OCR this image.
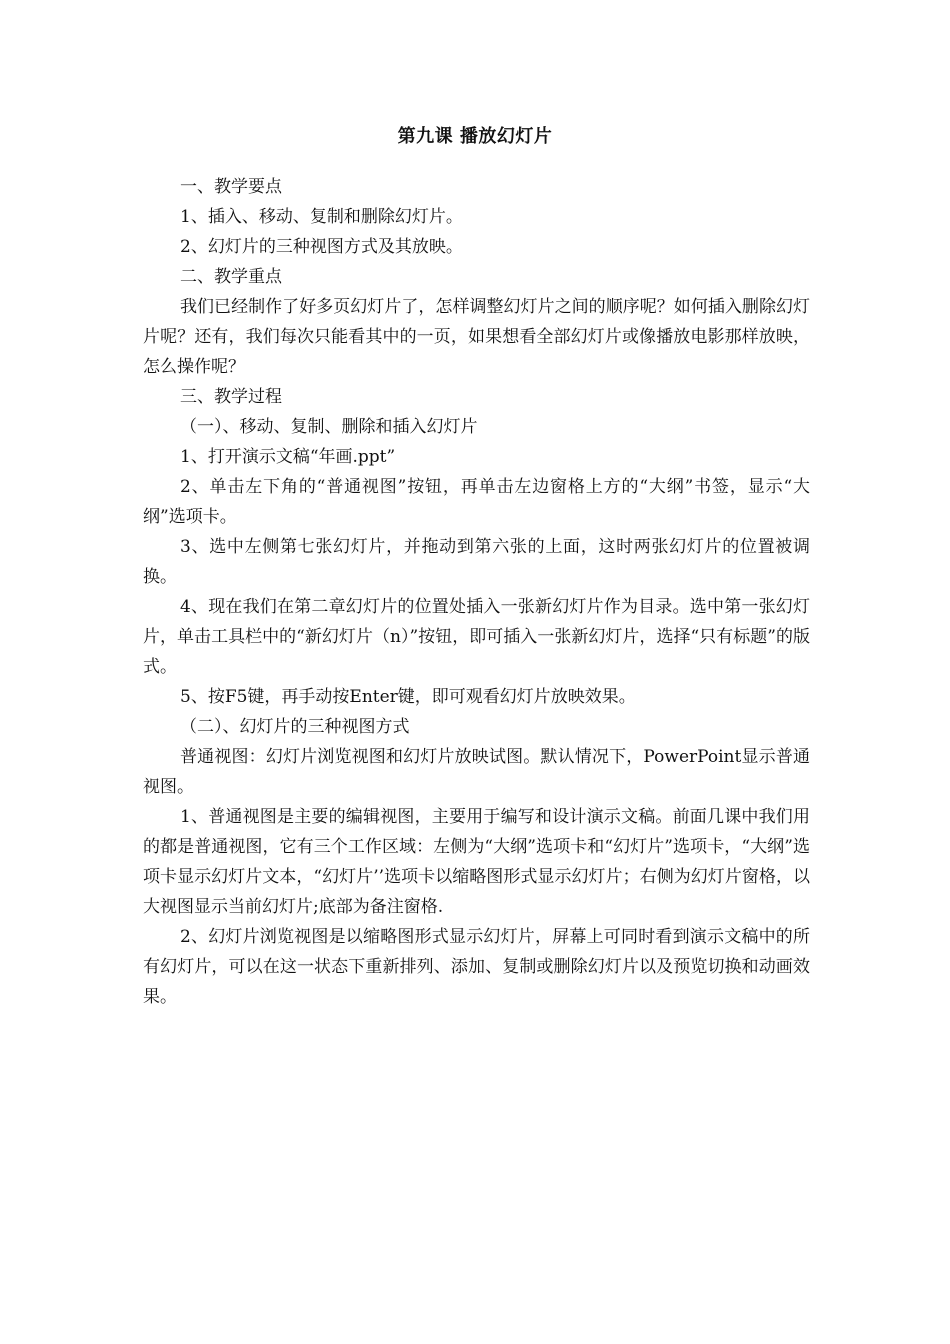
第九课 播放幻灯片

一、教学要点

1、插入、移动、复制和删除幻灯片。

2、幻灯片的三种视图方式及其放映。

二、教学重点

我们已经制作了好多页幻灯片了，怎样调整幻灯片之间的顺序呢？如何插入删除幻灯片呢？还有，我们每次只能看其中的一页，如果想看全部幻灯片或像播放电影那样放映，怎么操作呢？

三、教学过程

（一）、移动、复制、删除和插入幻灯片

1、打开演示文稿“年画.ppt”

2、单击左下角的“普通视图”按钮，再单击左边窗格上方的“大纲”书签，显示“大纲”选项卡。

3、选中左侧第七张幻灯片，并拖动到第六张的上面，这时两张幻灯片的位置被调换。

4、现在我们在第二章幻灯片的位置处插入一张新幻灯片作为目录。选中第一张幻灯片，单击工具栏中的“新幻灯片（n）”按钮，即可插入一张新幻灯片，选择“只有标题”的版式。

5、按F5键，再手动按Enter键，即可观看幻灯片放映效果。

（二）、幻灯片的三种视图方式

普通视图：幻灯片浏览视图和幻灯片放映试图。默认情况下，PowerPoint显示普通视图。

1、普通视图是主要的编辑视图，主要用于编写和设计演示文稿。前面几课中我们用的都是普通视图，它有三个工作区域：左侧为“大纲”选项卡和“幻灯片”选项卡，“大纲”选项卡显示幻灯片文本，“幻灯片’’选项卡以缩略图形式显示幻灯片；右侧为幻灯片窗格，以大视图显示当前幻灯片;底部为备注窗格.

2、幻灯片浏览视图是以缩略图形式显示幻灯片，屏幕上可同时看到演示文稿中的所有幻灯片，可以在这一状态下重新排列、添加、复制或删除幻灯片以及预览切换和动画效果。
